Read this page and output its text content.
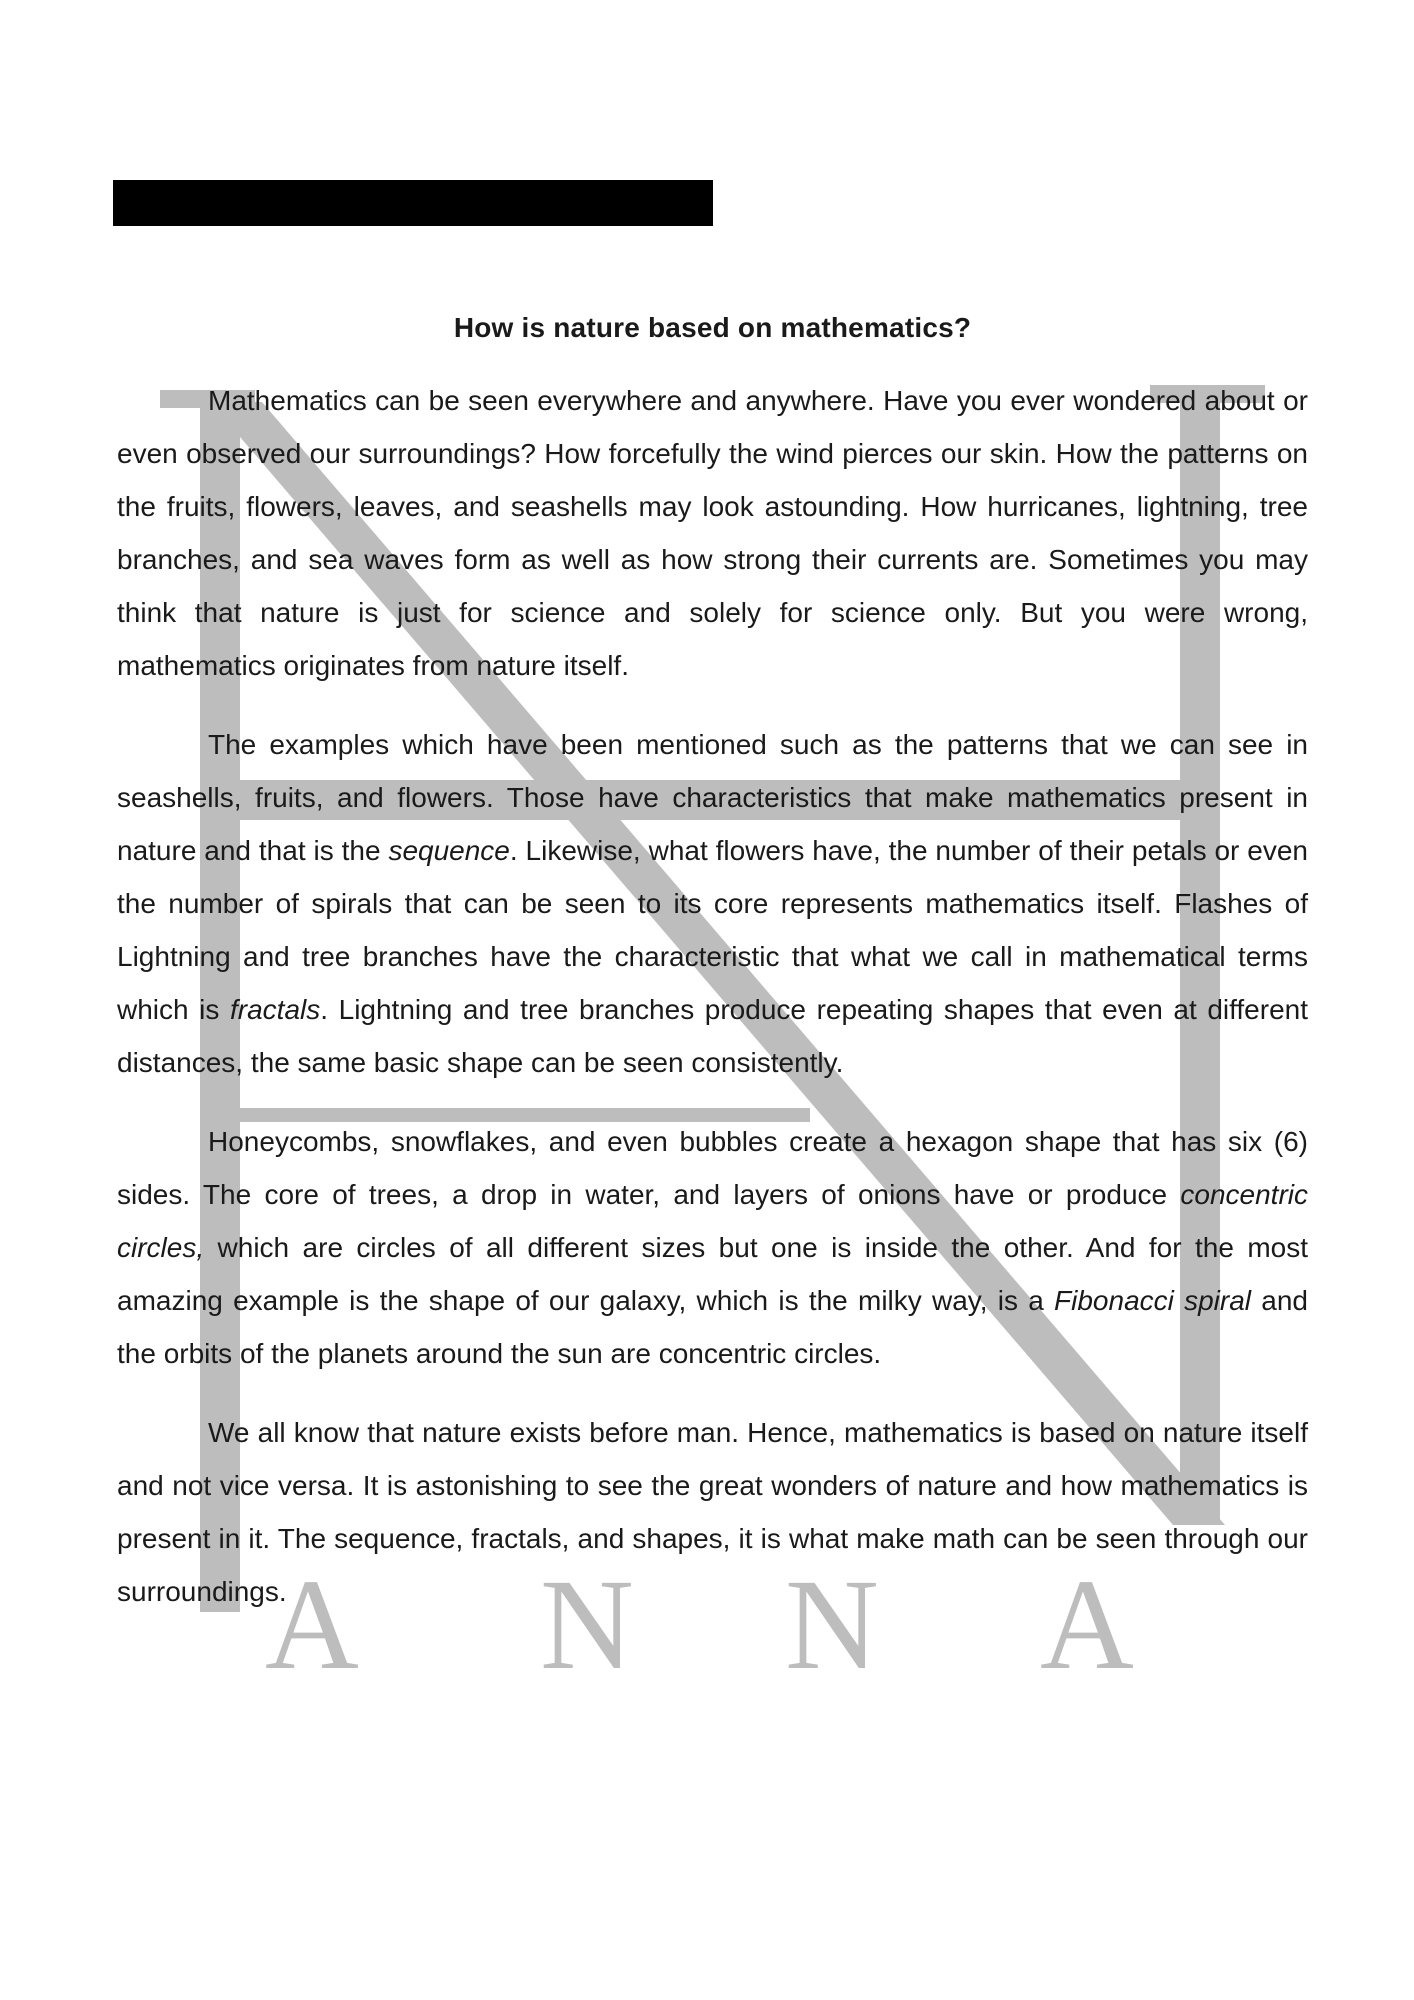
A N N A
How is nature based on mathematics?

Mathematics can be seen everywhere and anywhere. Have you ever wondered about or even observed our surroundings? How forcefully the wind pierces our skin. How the patterns on the fruits, flowers, leaves, and seashells may look astounding. How hurricanes, lightning, tree branches, and sea waves form as well as how strong their currents are. Sometimes you may think that nature is just for science and solely for science only. But you were wrong, mathematics originates from nature itself.

The examples which have been mentioned such as the patterns that we can see in seashells, fruits, and flowers. Those have characteristics that make mathematics present in nature and that is the sequence. Likewise, what flowers have, the number of their petals or even the number of spirals that can be seen to its core represents mathematics itself. Flashes of Lightning and tree branches have the characteristic that what we call in mathematical terms which is fractals. Lightning and tree branches produce repeating shapes that even at different distances, the same basic shape can be seen consistently.

Honeycombs, snowflakes, and even bubbles create a hexagon shape that has six (6) sides. The core of trees, a drop in water, and layers of onions have or produce concentric circles, which are circles of all different sizes but one is inside the other. And for the most amazing example is the shape of our galaxy, which is the milky way, is a Fibonacci spiral and the orbits of the planets around the sun are concentric circles.

We all know that nature exists before man. Hence, mathematics is based on nature itself and not vice versa. It is astonishing to see the great wonders of nature and how mathematics is present in it. The sequence, fractals, and shapes, it is what make math can be seen through our surroundings.
